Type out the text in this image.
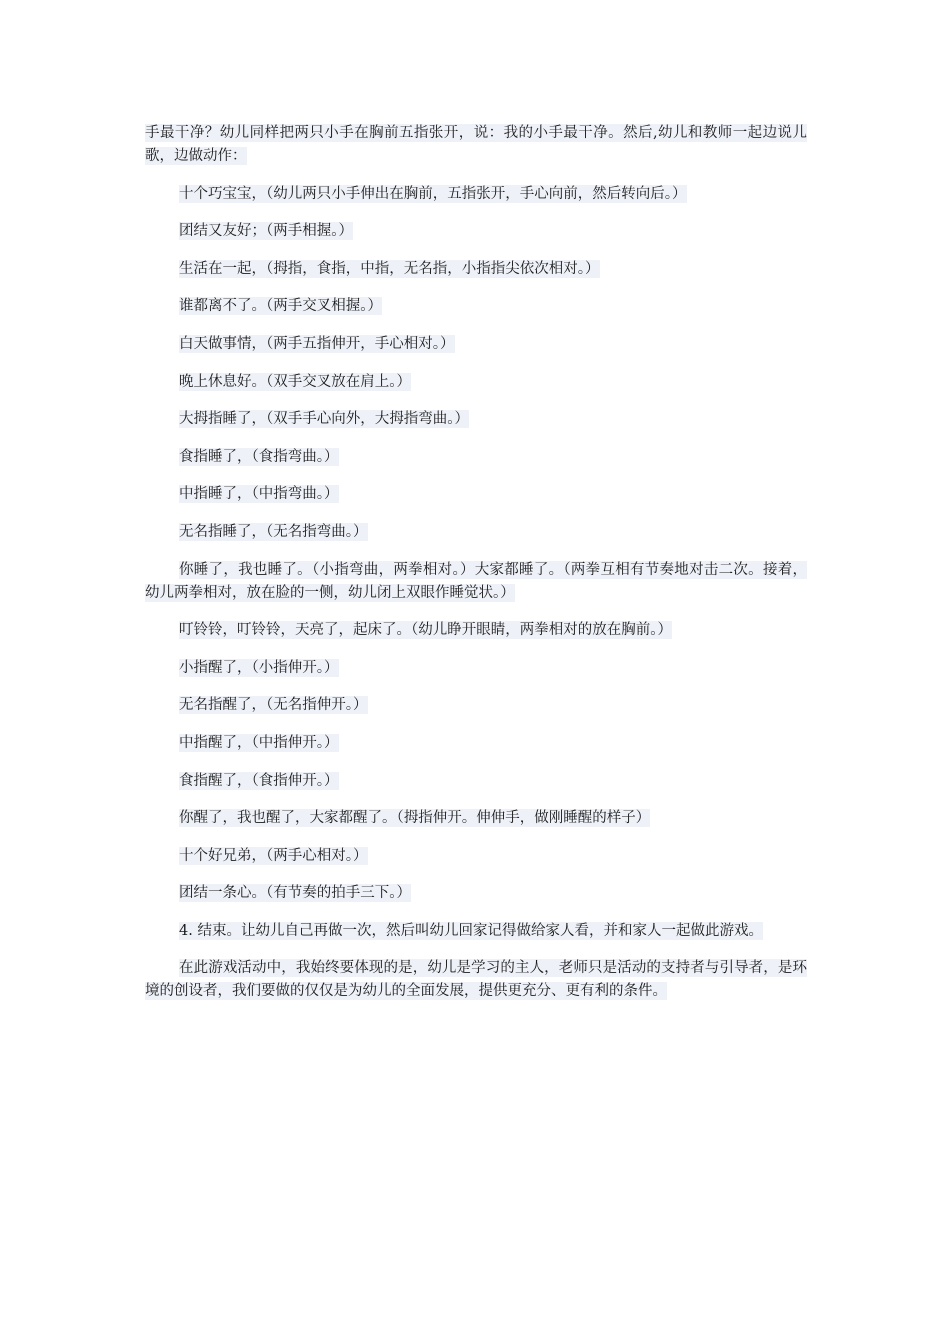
手最干净？幼儿同样把两只小手在胸前五指张开，说：我的小手最干净。然后,幼儿和教师一起边说儿歌，边做动作：

十个巧宝宝，（幼儿两只小手伸出在胸前，五指张开，手心向前，然后转向后。）

团结又友好；（两手相握。）

生活在一起，（拇指，食指，中指，无名指，小指指尖依次相对。）

谁都离不了。（两手交叉相握。）

白天做事情，（两手五指伸开，手心相对。）

晚上休息好。（双手交叉放在肩上。）

大拇指睡了，（双手手心向外，大拇指弯曲。）

食指睡了，（食指弯曲。）

中指睡了，（中指弯曲。）

无名指睡了，（无名指弯曲。）

你睡了，我也睡了。（小指弯曲，两拳相对。）大家都睡了。（两拳互相有节奏地对击二次。接着，幼儿两拳相对，放在脸的一侧，幼儿闭上双眼作睡觉状。）

叮铃铃，叮铃铃，天亮了，起床了。（幼儿睁开眼睛，两拳相对的放在胸前。）

小指醒了，（小指伸开。）

无名指醒了，（无名指伸开。）

中指醒了，（中指伸开。）

食指醒了，（食指伸开。）

你醒了，我也醒了，大家都醒了。（拇指伸开。伸伸手，做刚睡醒的样子）

十个好兄弟，（两手心相对。）

团结一条心。（有节奏的拍手三下。）

4. 结束。让幼儿自己再做一次，然后叫幼儿回家记得做给家人看，并和家人一起做此游戏。

在此游戏活动中，我始终要体现的是，幼儿是学习的主人，老师只是活动的支持者与引导者，是环境的创设者，我们要做的仅仅是为幼儿的全面发展，提供更充分、更有利的条件。
